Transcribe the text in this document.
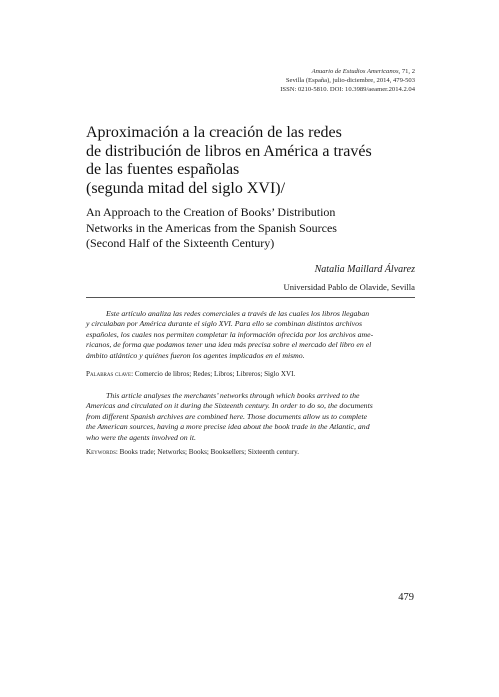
Anuario de Estudios Americanos, 71, 2
Sevilla (España), julio-diciembre, 2014, 479-503
ISSN: 0210-5810. DOI: 10.3989/aeamer.2014.2.04
Aproximación a la creación de las redes
de distribución de libros en América a través
de las fuentes españolas
(segunda mitad del siglo XVI)/
An Approach to the Creation of Books’ Distribution
Networks in the Americas from the Spanish Sources
(Second Half of the Sixteenth Century)
Natalia Maillard Álvarez
Universidad Pablo de Olavide, Sevilla
Este artículo analiza las redes comerciales a través de las cuales los libros llegaban
y circulaban por América durante el siglo XVI. Para ello se combinan distintos archivos
españoles, los cuales nos permiten completar la información ofrecida por los archivos ame-
ricanos, de forma que podamos tener una idea más precisa sobre el mercado del libro en el
ámbito atlántico y quiénes fueron los agentes implicados en el mismo.
Palabras clave: Comercio de libros; Redes; Libros; Libreros; Siglo XVI.
This article analyses the merchants’ networks through which books arrived to the
Americas and circulated on it during the Sixteenth century. In order to do so, the documents
from different Spanish archives are combined here. Those documents allow us to complete
the American sources, having a more precise idea about the book trade in the Atlantic, and
who were the agents involved on it.
Keywords: Books trade; Networks; Books; Booksellers; Sixteenth century.
479
